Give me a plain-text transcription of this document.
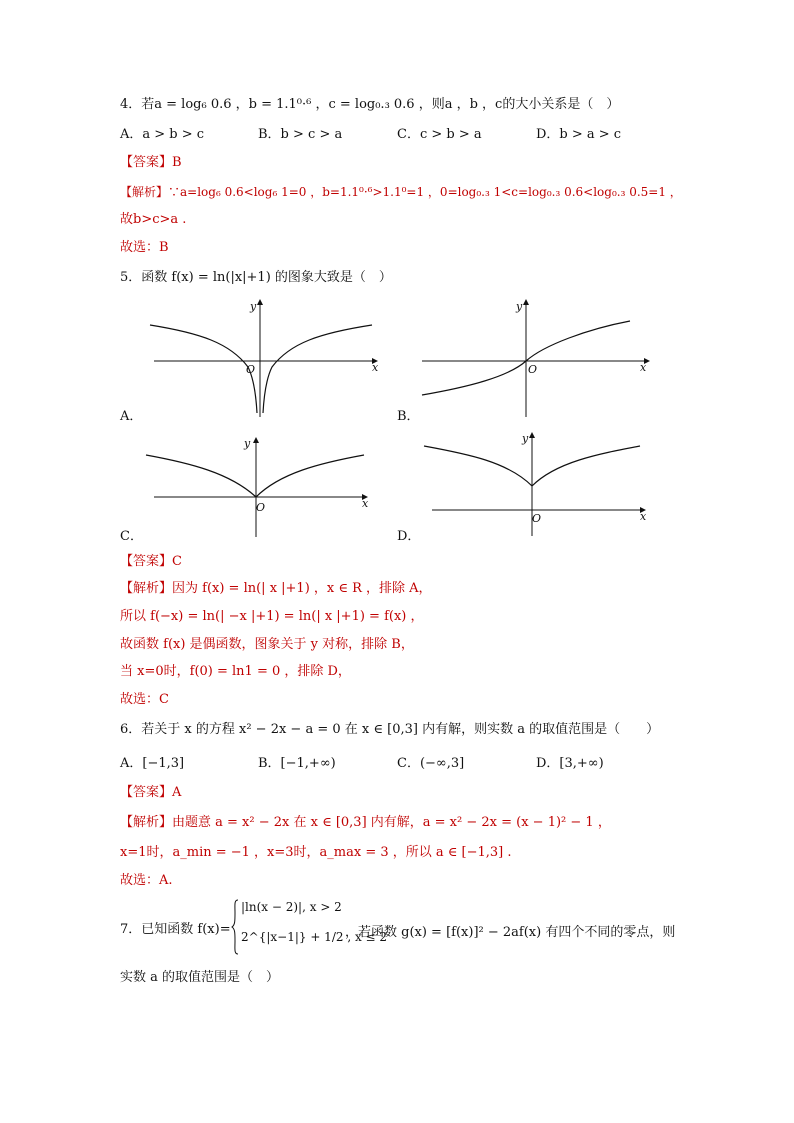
4．若a = log₆ 0.6 ，b = 1.1⁰·⁶ ，c = log₀.₃ 0.6 ，则a ，b ，c的大小关系是（　）
A．a > b > c	B．b > c > a	C．c > b > a	D．b > a > c
【答案】B
【解析】∵a=log₆ 0.6<log₆ 1=0 ，b=1.1⁰·⁶>1.1⁰=1 ，0=log₀.₃ 1<c=log₀.₃ 0.6<log₀.₃ 0.5=1 ，
故b>c>a .
故选：B
5．函数 f(x) = ln(|x|+1) 的图象大致是（　）
y
x
O
A．
y
x
O
B．
y
x
O
C．
y
x
O
D．
【答案】C
【解析】因为 f(x) = ln(| x |+1) ，x ∈ R ，排除 A，
所以 f(−x) = ln(| −x |+1) = ln(| x |+1) = f(x) ，
故函数 f(x) 是偶函数，图象关于 y 对称，排除 B，
当 x=0时，f(0) = ln1 = 0 ，排除 D，
故选：C
6．若关于 x 的方程 x² − 2x − a = 0 在 x ∈ [0,3] 内有解，则实数 a 的取值范围是（　　）
A．[−1,3]	B．[−1,+∞)	C．(−∞,3]	D．[3,+∞)
【答案】A
【解析】由题意 a = x² − 2x 在 x ∈ [0,3] 内有解，a = x² − 2x = (x − 1)² − 1 ，
x=1时，a_min = −1 ，x=3时，a_max = 3 ，所以 a ∈ [−1,3] .
故选：A.
7．已知函数 f(x)=
|ln(x − 2)|, x > 2
2^{|x−1|} + 1/2 , x ≤ 2
，若函数 g(x) = [f(x)]² − 2af(x) 有四个不同的零点，则
实数 a 的取值范围是（　）
